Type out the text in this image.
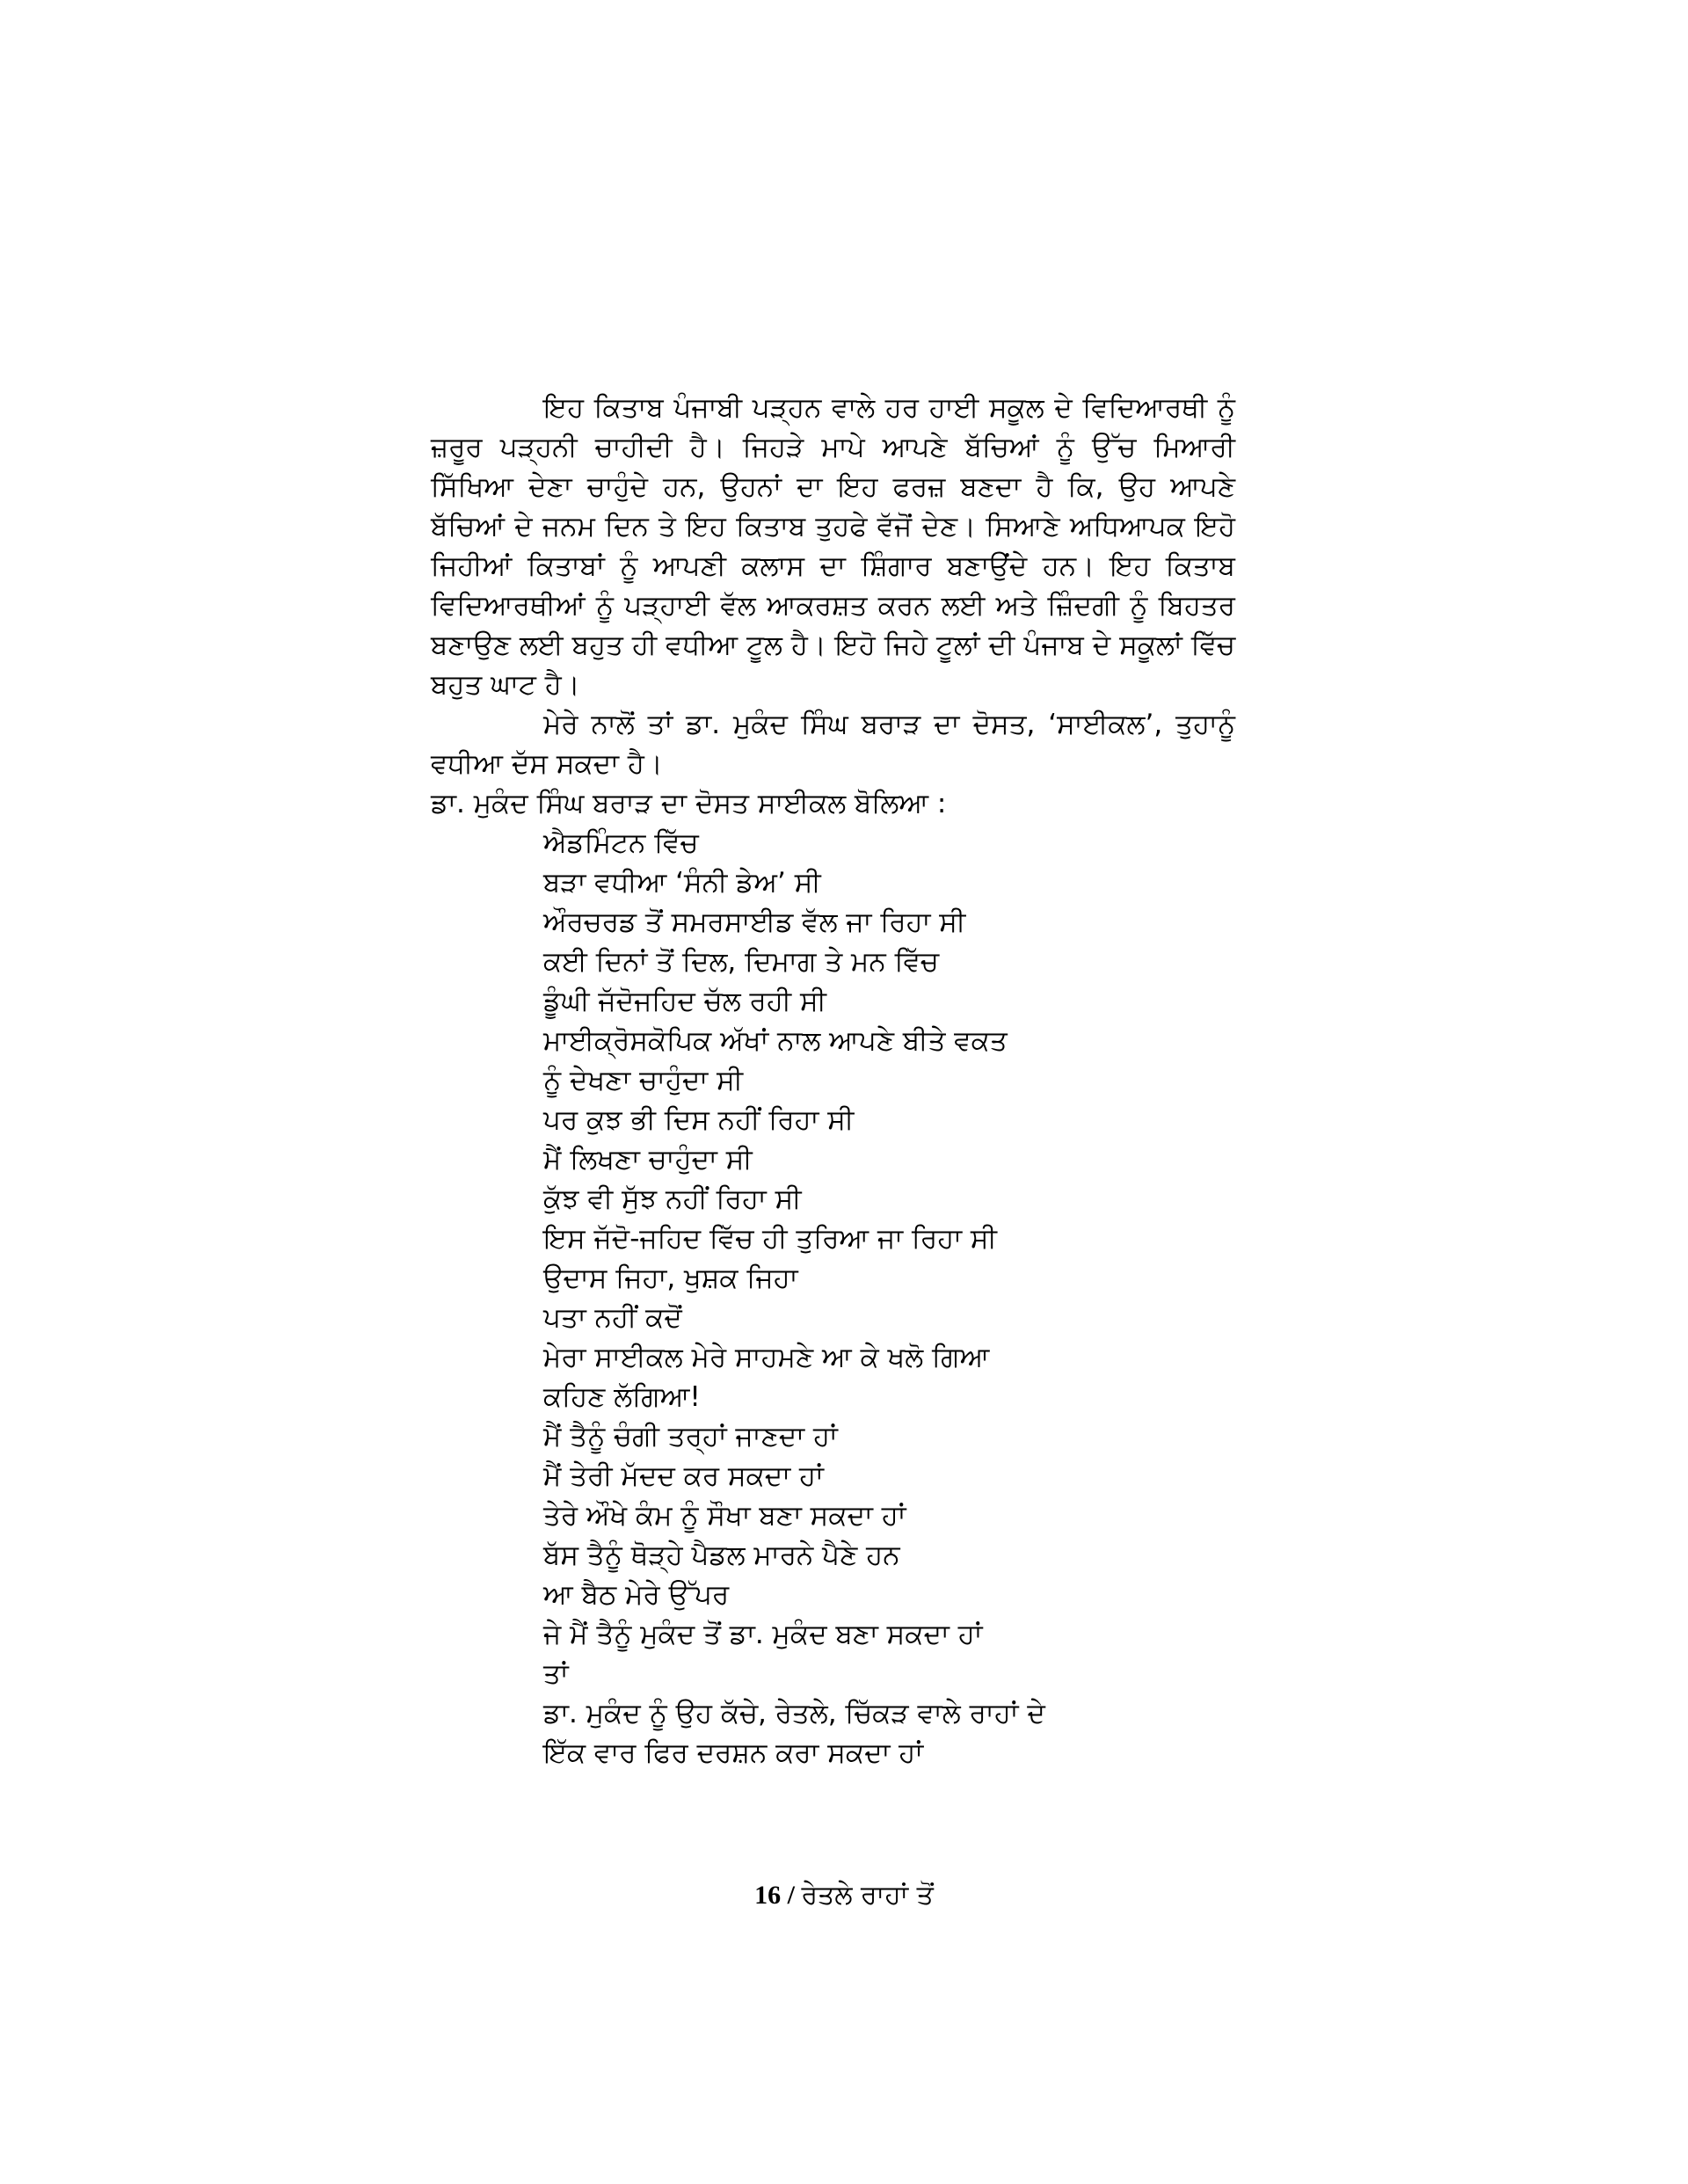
ਇਹ ਕਿਤਾਬ ਪੰਜਾਬੀ ਪੜ੍ਹਨ ਵਾਲੇ ਹਰ ਹਾਈ ਸਕੂਲ ਦੇ ਵਿਦਿਆਰਥੀ ਨੂੰ ਜ਼ਰੂਰ ਪੜ੍ਹਨੀ ਚਾਹੀਦੀ ਹੈ। ਜਿਹੜੇ ਮਾਪੇ ਆਪਣੇ ਬੱਚਿਆਂ ਨੂੰ ਉੱਚ ਮਿਆਰੀ ਸਿੱਖਿਆ ਦੇਣਾ ਚਾਹੁੰਦੇ ਹਨ, ਉਹਨਾਂ ਦਾ ਇਹ ਫਰਜ਼ ਬਣਦਾ ਹੈ ਕਿ, ਉਹ ਆਪਣੇ ਬੱਚਿਆਂ ਦੇ ਜਨਮ ਦਿਨ ਤੇ ਇਹ ਕਿਤਾਬ ਤੁਹਫੇ ਵੱਜੋਂ ਦੇਣ। ਸਿਆਣੇ ਅਧਿਆਪਕ ਇਹੋ ਜਿਹੀਆਂ ਕਿਤਾਬਾਂ ਨੂੰ ਆਪਣੀ ਕਲਾਸ ਦਾ ਸ਼ਿੰਗਾਰ ਬਣਾਉਂਦੇ ਹਨ। ਇਹ ਕਿਤਾਬ ਵਿਦਿਆਰਥੀਆਂ ਨੂੰ ਪੜ੍ਹਾਈ ਵੱਲ ਆਕਰਸ਼ਤ ਕਰਨ ਲਈ ਅਤੇ ਜ਼ਿੰਦਗੀ ਨੂੰ ਬਿਹਤਰ ਬਣਾਉਣ ਲਈ ਬਹੁਤ ਹੀ ਵਧੀਆ ਟੂਲ ਹੈ। ਇਹੋ ਜਿਹੇ ਟੂਲਾਂ ਦੀ ਪੰਜਾਬ ਦੇ ਸਕੂਲਾਂ ਵਿੱਚ ਬਹੁਤ ਘਾਟ ਹੈ।

ਮੇਰੇ ਨਾਲੋਂ ਤਾਂ ਡਾ. ਮੁਕੰਦ ਸਿੰਘ ਬਰਾੜ ਦਾ ਦੋਸਤ, ‘ਸਾਈਕਲ’, ਤੁਹਾਨੂੰ ਵਧੀਆ ਦੱਸ ਸਕਦਾ ਹੈ।

ਡਾ. ਮੁਕੰਦ ਸਿੰਘ ਬਰਾੜ ਦਾ ਦੋਸਤ ਸਾਈਕਲ ਬੋਲਿਆ :

ਐਡਮਿੰਟਨ ਵਿੱਚ
ਬੜਾ ਵਧੀਆ ‘ਸੰਨੀ ਡੇਅ’ ਸੀ
ਔਰਚਰਡ ਤੋਂ ਸਮਰਸਾਈਡ ਵੱਲ ਜਾ ਰਿਹਾ ਸੀ
ਕਈ ਦਿਨਾਂ ਤੋਂ ਦਿਲ, ਦਿਮਾਗ ਤੇ ਮਨ ਵਿੱਚ
ਡੂੰਘੀ ਜੱਦੋਜਹਿਦ ਚੱਲ ਰਹੀ ਸੀ
ਮਾਈਕ੍ਰੋਸਕੋਪਿਕ ਅੱਖਾਂ ਨਾਲ ਆਪਣੇ ਬੀਤੇ ਵਕਤ
ਨੂੰ ਦੇਖਣਾ ਚਾਹੁੰਦਾ ਸੀ
ਪਰ ਕੁਝ ਭੀ ਦਿਸ ਨਹੀਂ ਰਿਹਾ ਸੀ
ਮੈਂ ਲਿਖਣਾ ਚਾਹੁੰਦਾ ਸੀ
ਕੁੱਝ ਵੀ ਸੁੱਝ ਨਹੀਂ ਰਿਹਾ ਸੀ
ਇਸ ਜੱਦੋ-ਜਹਿਦ ਵਿੱਚ ਹੀ ਤੁਰਿਆ ਜਾ ਰਿਹਾ ਸੀ
ਉਦਾਸ ਜਿਹਾ, ਖੁਸ਼ਕ ਜਿਹਾ
ਪਤਾ ਨਹੀਂ ਕਦੋਂ
ਮੇਰਾ ਸਾਈਕਲ ਮੇਰੇ ਸਾਹਮਣੇ ਆ ਕੇ ਖਲੋ ਗਿਆ
ਕਹਿਣ ਲੱਗਿਆ!
ਮੈਂ ਤੈਨੂੰ ਚੰਗੀ ਤਰ੍ਹਾਂ ਜਾਣਦਾ ਹਾਂ
ਮੈਂ ਤੇਰੀ ਮੱਦਦ ਕਰ ਸਕਦਾ ਹਾਂ
ਤੇਰੇ ਔਖੇ ਕੰਮ ਨੂੰ ਸੌਖਾ ਬਣਾ ਸਕਦਾ ਹਾਂ
ਬੱਸ ਤੈਨੂੰ ਥੋੜ੍ਹੇ ਪੈਡਲ ਮਾਰਨੇ ਪੈਣੇ ਹਨ
ਆ ਬੈਠ ਮੇਰੇ ਉੱਪਰ
ਜੇ ਮੈਂ ਤੈਨੂੰ ਮੁਕੰਦ ਤੋਂ ਡਾ. ਮੁਕੰਦ ਬਣਾ ਸਕਦਾ ਹਾਂ
ਤਾਂ
ਡਾ. ਮੁਕੰਦ ਨੂੰ ਉਹ ਕੱਚੇ, ਰੇਤਲੇ, ਚਿੱਕੜ ਵਾਲੇ ਰਾਹਾਂ ਦੇ
ਇੱਕ ਵਾਰ ਫਿਰ ਦਰਸ਼ਨ ਕਰਾ ਸਕਦਾ ਹਾਂ
16 / ਰੇਤਲੇ ਰਾਹਾਂ ਤੋਂ
